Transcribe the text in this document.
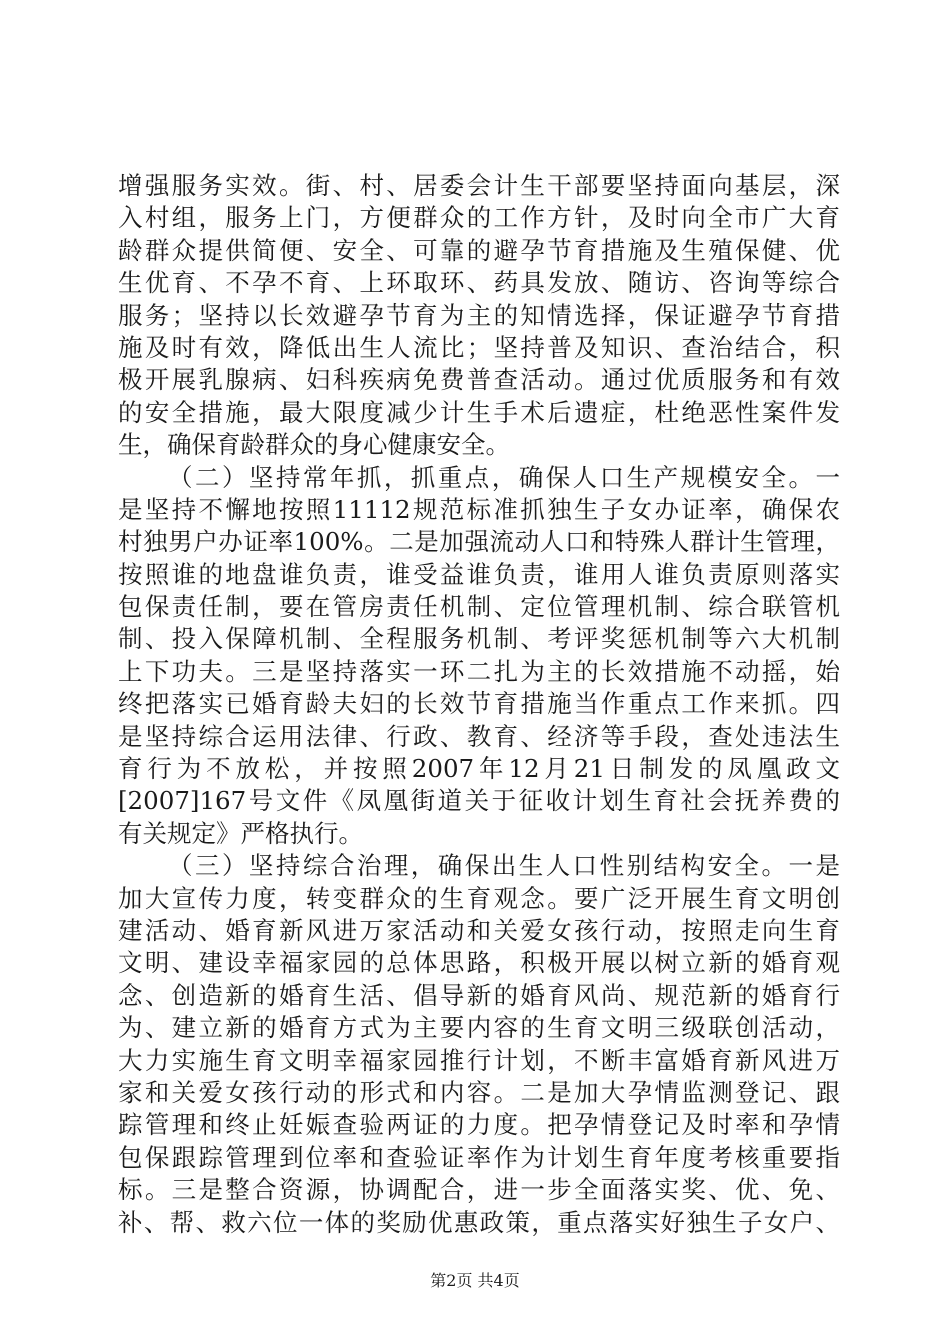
增强服务实效。街、村、居委会计生干部要坚持面向基层，深
入村组，服务上门，方便群众的工作方针，及时向全市广大育
龄群众提供简便、安全、可靠的避孕节育措施及生殖保健、优
生优育、不孕不育、上环取环、药具发放、随访、咨询等综合
服务；坚持以长效避孕节育为主的知情选择，保证避孕节育措
施及时有效，降低出生人流比；坚持普及知识、查治结合，积
极开展乳腺病、妇科疾病免费普查活动。通过优质服务和有效
的安全措施，最大限度减少计生手术后遗症，杜绝恶性案件发
生，确保育龄群众的身心健康安全。
（二）坚持常年抓，抓重点，确保人口生产规模安全。一
是坚持不懈地按照11112规范标准抓独生子女办证率，确保农
村独男户办证率100%。二是加强流动人口和特殊人群计生管理，
按照谁的地盘谁负责，谁受益谁负责，谁用人谁负责原则落实
包保责任制，要在管房责任机制、定位管理机制、综合联管机
制、投入保障机制、全程服务机制、考评奖惩机制等六大机制
上下功夫。三是坚持落实一环二扎为主的长效措施不动摇，始
终把落实已婚育龄夫妇的长效节育措施当作重点工作来抓。四
是坚持综合运用法律、行政、教育、经济等手段，查处违法生
育行为不放松，并按照2007年12月21日制发的凤凰政文
[2007]167号文件《凤凰街道关于征收计划生育社会抚养费的
有关规定》严格执行。
（三）坚持综合治理，确保出生人口性别结构安全。一是
加大宣传力度，转变群众的生育观念。要广泛开展生育文明创
建活动、婚育新风进万家活动和关爱女孩行动，按照走向生育
文明、建设幸福家园的总体思路，积极开展以树立新的婚育观
念、创造新的婚育生活、倡导新的婚育风尚、规范新的婚育行
为、建立新的婚育方式为主要内容的生育文明三级联创活动，
大力实施生育文明幸福家园推行计划，不断丰富婚育新风进万
家和关爱女孩行动的形式和内容。二是加大孕情监测登记、跟
踪管理和终止妊娠查验两证的力度。把孕情登记及时率和孕情
包保跟踪管理到位率和查验证率作为计划生育年度考核重要指
标。三是整合资源，协调配合，进一步全面落实奖、优、免、
补、帮、救六位一体的奖励优惠政策，重点落实好独生子女户、
第2页 共4页
